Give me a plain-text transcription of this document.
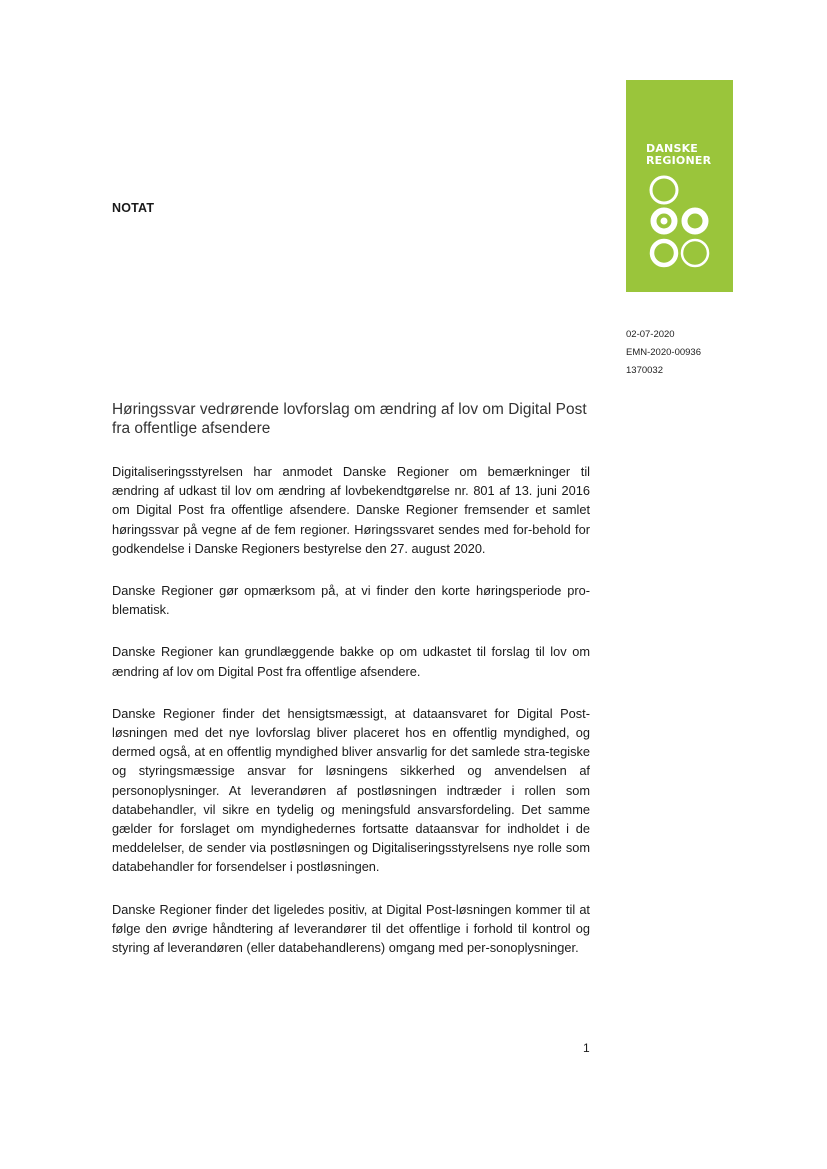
NOTAT
DANSKE
REGIONER
02-07-2020
EMN-2020-00936
1370032
Høringssvar vedrørende lovforslag om ændring af lov om Digital Post fra offentlige afsendere

Digitaliseringsstyrelsen har anmodet Danske Regioner om bemærkninger til ændring af udkast til lov om ændring af lovbekendtgørelse nr. 801 af 13. juni 2016 om Digital Post fra offentlige afsendere. Danske Regioner fremsender et samlet høringssvar på vegne af de fem regioner. Høringssvaret sendes med for-behold for godkendelse i Danske Regioners bestyrelse den 27. august 2020.

Danske Regioner gør opmærksom på, at vi finder den korte høringsperiode pro-blematisk.

Danske Regioner kan grundlæggende bakke op om udkastet til forslag til lov om ændring af lov om Digital Post fra offentlige afsendere.

Danske Regioner finder det hensigtsmæssigt, at dataansvaret for Digital Post-løsningen med det nye lovforslag bliver placeret hos en offentlig myndighed, og dermed også, at en offentlig myndighed bliver ansvarlig for det samlede stra-tegiske og styringsmæssige ansvar for løsningens sikkerhed og anvendelsen af personoplysninger. At leverandøren af postløsningen indtræder i rollen som databehandler, vil sikre en tydelig og meningsfuld ansvarsfordeling. Det samme gælder for forslaget om myndighedernes fortsatte dataansvar for indholdet i de meddelelser, de sender via postløsningen og Digitaliseringsstyrelsens nye rolle som databehandler for forsendelser i postløsningen.

Danske Regioner finder det ligeledes positiv, at Digital Post-løsningen kommer til at følge den øvrige håndtering af leverandører til det offentlige i forhold til kontrol og styring af leverandøren (eller databehandlerens) omgang med per-sonoplysninger.

1
